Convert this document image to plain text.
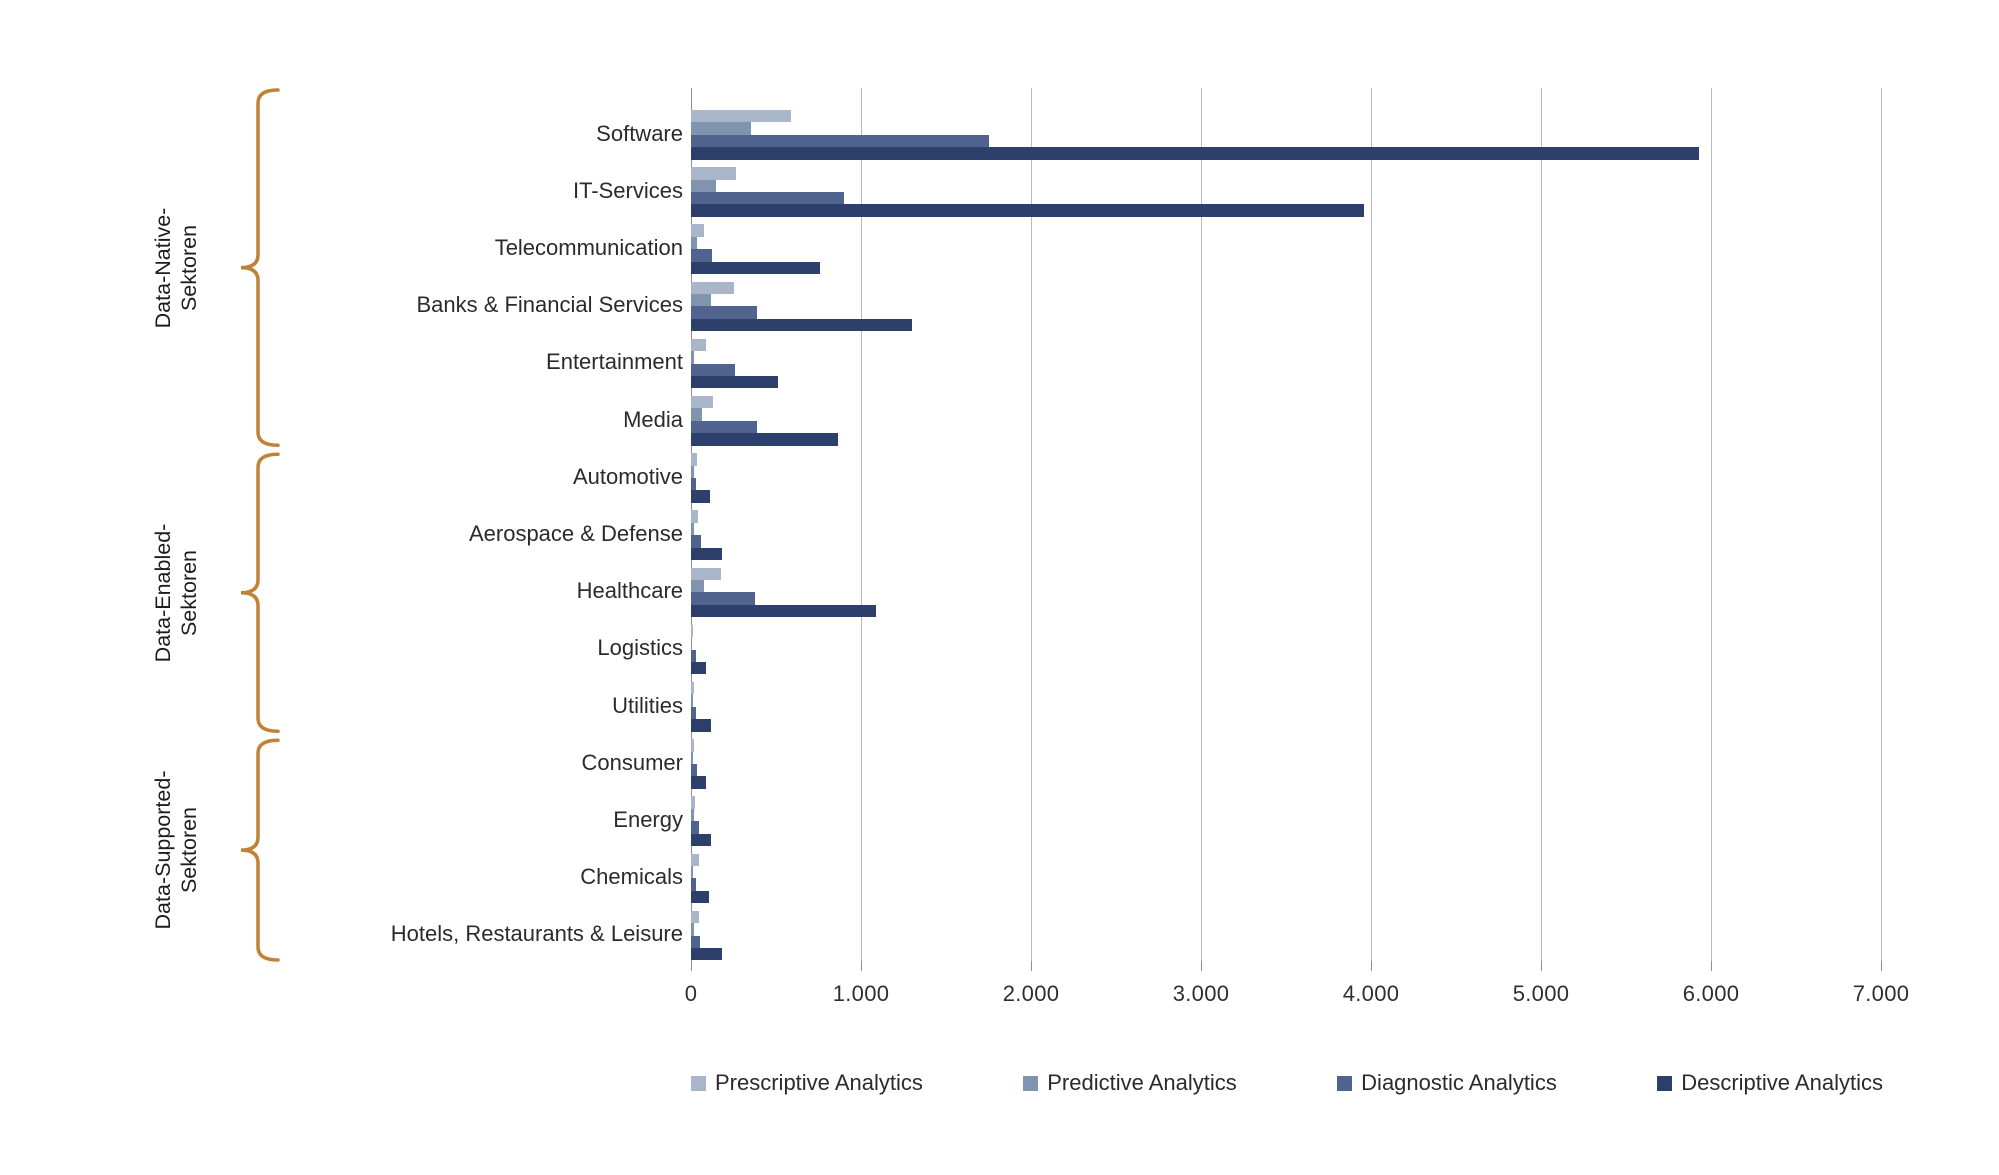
Prescriptive Analytics	Predictive Analytics	Diagnostic Analytics	Descriptive Analytics
0	1.000	2.000	3.000	4.000	5.000	6.000	7.000
Software
IT-Services
Telecommunication
Banks & Financial Services
Entertainment
Media
Automotive
Aerospace & Defense
Healthcare
Logistics
Utilities
Consumer
Energy
Chemicals
Hotels, Restaurants & Leisure
Data-Native- Sektoren
Data-Enabled- Sektoren
Data-Supported- Sektoren
